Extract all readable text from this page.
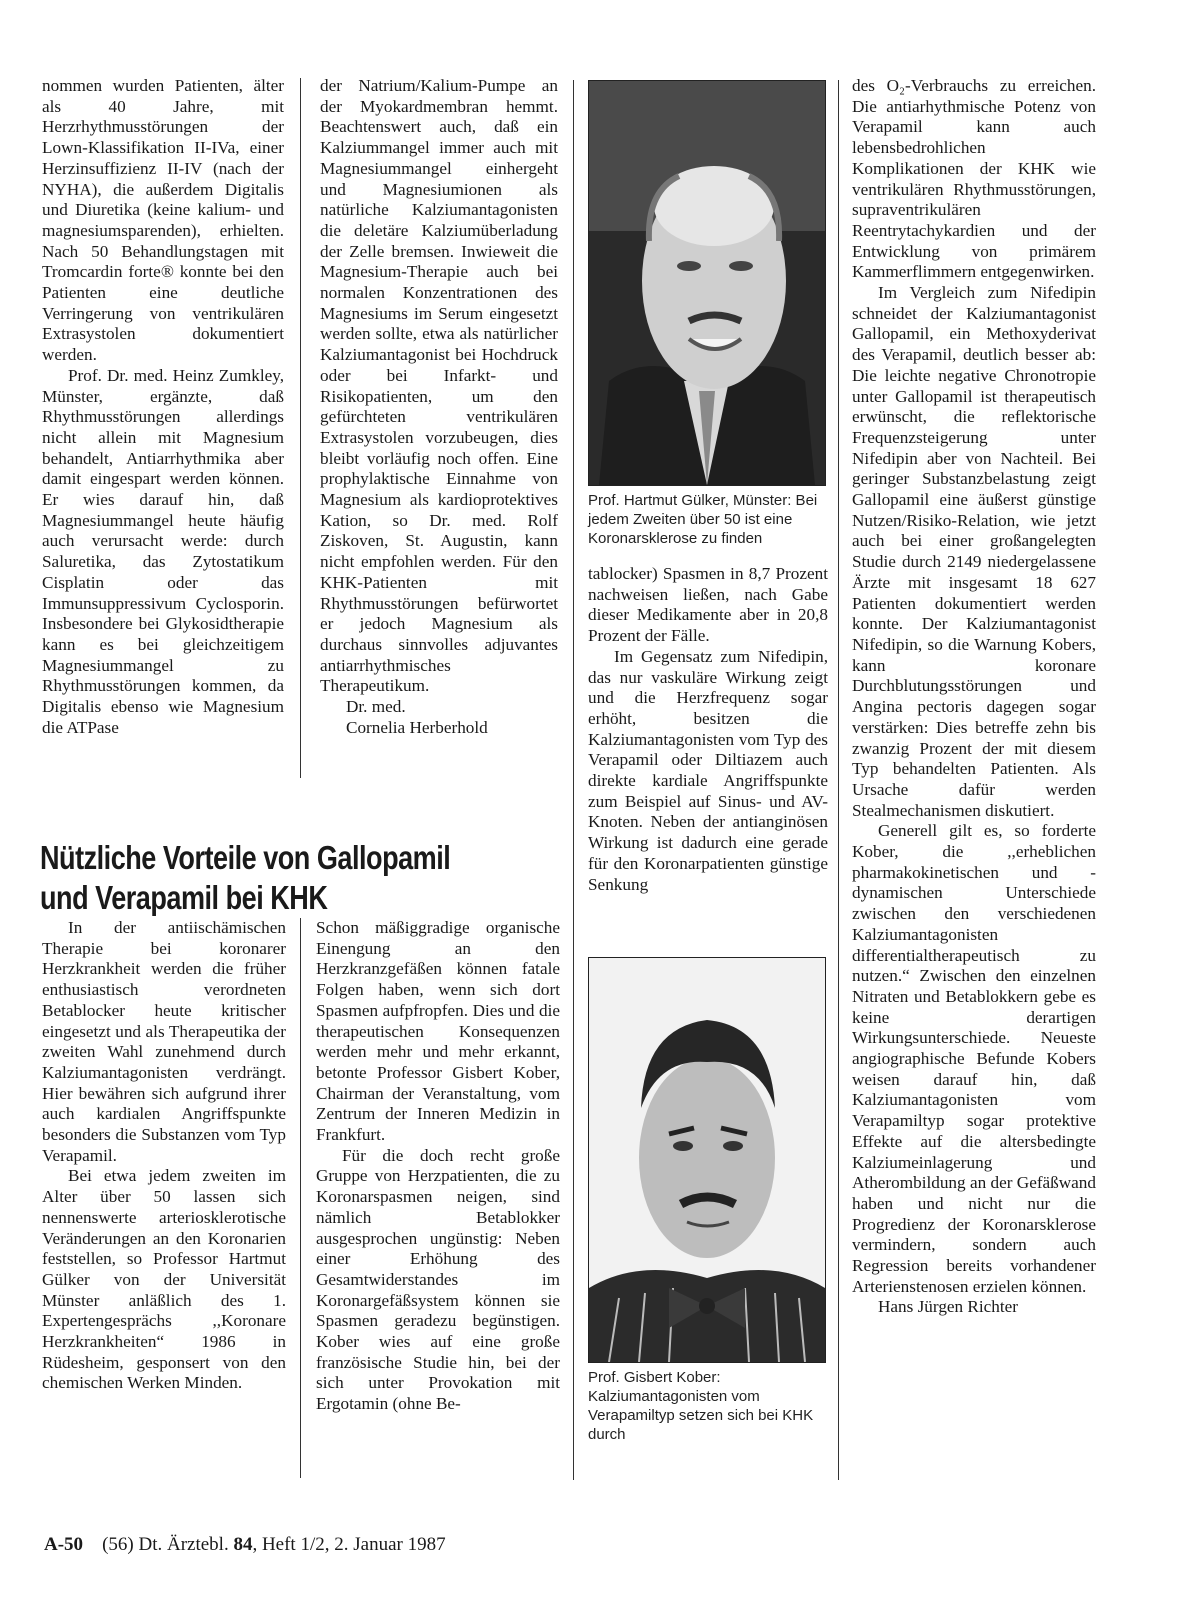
nommen wurden Patienten, älter als 40 Jahre, mit Herzrhythmusstörungen der Lown-Klassifikation II-IVa, einer Herzinsuffizienz II-IV (nach der NYHA), die außerdem Digitalis und Diuretika (keine kalium- und magnesiumsparenden), erhielten. Nach 50 Behandlungstagen mit Tromcardin forte® konnte bei den Patienten eine deutliche Verringerung von ventrikulären Extrasystolen dokumentiert werden.

Prof. Dr. med. Heinz Zumkley, Münster, ergänzte, daß Rhythmusstörungen allerdings nicht allein mit Magnesium behandelt, Antiarrhythmika aber damit eingespart werden können. Er wies darauf hin, daß Magnesiummangel heute häufig auch verursacht werde: durch Saluretika, das Zytostatikum Cisplatin oder das Immunsuppressivum Cyclosporin. Insbesondere bei Glykosidtherapie kann es bei gleichzeitigem Magnesiummangel zu Rhythmusstörungen kommen, da Digitalis ebenso wie Magnesium die ATPase

der Natrium/Kalium-Pumpe an der Myokardmembran hemmt. Beachtenswert auch, daß ein Kalziummangel immer auch mit Magnesiummangel einhergeht und Magnesiumionen als natürliche Kalziumantagonisten die deletäre Kalziumüberladung der Zelle bremsen. Inwieweit die Magnesium-Therapie auch bei normalen Konzentrationen des Magnesiums im Serum eingesetzt werden sollte, etwa als natürlicher Kalziumantagonist bei Hochdruck oder bei Infarkt- und Risikopatienten, um den gefürchteten ventrikulären Extrasystolen vorzubeugen, dies bleibt vorläufig noch offen. Eine prophylaktische Einnahme von Magnesium als kardioprotektives Kation, so Dr. med. Rolf Ziskoven, St. Augustin, kann nicht empfohlen werden. Für den KHK-Patienten mit Rhythmusstörungen befürwortet er jedoch Magnesium als durchaus sinnvolles adjuvantes antiarrhythmisches Therapeutikum.

Dr. med.

Cornelia Herberhold

Nützliche Vorteile von Gallopamil
und Verapamil bei KHK

In der antiischämischen Therapie bei koronarer Herzkrankheit werden die früher enthusiastisch verordneten Betablocker heute kritischer eingesetzt und als Therapeutika der zweiten Wahl zunehmend durch Kalziumantagonisten verdrängt. Hier bewähren sich aufgrund ihrer auch kardialen Angriffspunkte besonders die Substanzen vom Typ Verapamil.

Bei etwa jedem zweiten im Alter über 50 lassen sich nennenswerte arteriosklerotische Veränderungen an den Koronarien feststellen, so Professor Hartmut Gülker von der Universität Münster anläßlich des 1. Expertengesprächs ,,Koronare Herzkrankheiten“ 1986 in Rüdesheim, gesponsert von den chemischen Werken Minden.

Schon mäßiggradige organische Einengung an den Herzkranzgefäßen können fatale Folgen haben, wenn sich dort Spasmen aufpfropfen. Dies und die therapeutischen Konsequenzen werden mehr und mehr erkannt, betonte Professor Gisbert Kober, Chairman der Veranstaltung, vom Zentrum der Inneren Medizin in Frankfurt.

Für die doch recht große Gruppe von Herzpatienten, die zu Koronarspasmen neigen, sind nämlich Betablokker ausgesprochen ungünstig: Neben einer Erhöhung des Gesamtwiderstandes im Koronargefäßsystem können sie Spasmen geradezu begünstigen. Kober wies auf eine große französische Studie hin, bei der sich unter Provokation mit Ergotamin (ohne Be-

Prof. Hartmut Gülker, Münster: Bei jedem Zweiten über 50 ist eine Koronarsklerose zu finden

tablocker) Spasmen in 8,7 Prozent nachweisen ließen, nach Gabe dieser Medikamente aber in 20,8 Prozent der Fälle.

Im Gegensatz zum Nifedipin, das nur vaskuläre Wirkung zeigt und die Herzfrequenz sogar erhöht, besitzen die Kalziumantagonisten vom Typ des Verapamil oder Diltiazem auch direkte kardiale Angriffspunkte zum Beispiel auf Sinus- und AV-Knoten. Neben der antianginösen Wirkung ist dadurch eine gerade für den Koronarpatienten günstige Senkung

Prof. Gisbert Kober: Kalziumantagonisten vom Verapamiltyp setzen sich bei KHK durch

des O₂-Verbrauchs zu erreichen. Die antiarhythmische Potenz von Verapamil kann auch lebensbedrohlichen Komplikationen der KHK wie ventrikulären Rhythmusstörungen, supraventrikulären Reentrytachykardien und der Entwicklung von primärem Kammerflimmern entgegenwirken.

Im Vergleich zum Nifedipin schneidet der Kalziumantagonist Gallopamil, ein Methoxyderivat des Verapamil, deutlich besser ab: Die leichte negative Chronotropie unter Gallopamil ist therapeutisch erwünscht, die reflektorische Frequenzsteigerung unter Nifedipin aber von Nachteil. Bei geringer Substanzbelastung zeigt Gallopamil eine äußerst günstige Nutzen/Risiko-Relation, wie jetzt auch bei einer großangelegten Studie durch 2149 niedergelassene Ärzte mit insgesamt 18 627 Patienten dokumentiert werden konnte. Der Kalziumantagonist Nifedipin, so die Warnung Kobers, kann koronare Durchblutungsstörungen und Angina pectoris dagegen sogar verstärken: Dies betreffe zehn bis zwanzig Prozent der mit diesem Typ behandelten Patienten. Als Ursache dafür werden Stealmechanismen diskutiert.

Generell gilt es, so forderte Kober, die ,,erheblichen pharmakokinetischen und -dynamischen Unterschiede zwischen den verschiedenen Kalziumantagonisten differentialtherapeutisch zu nutzen.“ Zwischen den einzelnen Nitraten und Betablokkern gebe es keine derartigen Wirkungsunterschiede. Neueste angiographische Befunde Kobers weisen darauf hin, daß Kalziumantagonisten vom Verapamiltyp sogar protektive Effekte auf die altersbedingte Kalziumeinlagerung und Atherombildung an der Gefäßwand haben und nicht nur die Progredienz der Koronarsklerose vermindern, sondern auch Regression bereits vorhandener Arterienstenosen erzielen können.

Hans Jürgen Richter

A-50 (56) Dt. Ärztebl. 84, Heft 1/2, 2. Januar 1987
